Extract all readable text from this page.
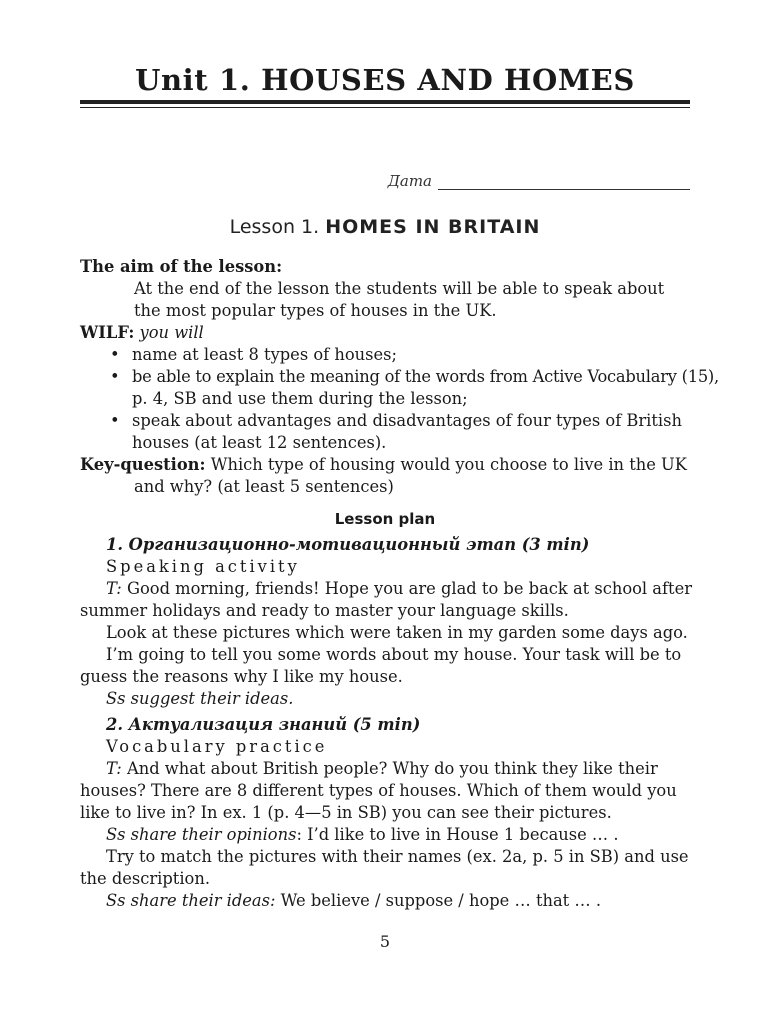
Unit 1. HOUSES AND HOMES
Дата
Lesson 1. HOMES IN BRITAIN
The aim of the lesson:
At the end of the lesson the students will be able to speak about
the most popular types of houses in the UK.
WILF: you will
• name at least 8 types of houses;
• be able to explain the meaning of the words from Active Vocabulary (15),
p. 4, SB and use them during the lesson;
• speak about advantages and disadvantages of four types of British
houses (at least 12 sentences).
Key-question: Which type of housing would you choose to live in the UK
and why? (at least 5 sentences)
Lesson plan
1. Организационно-мотивационный этап (3 min)
Speaking activity
T: Good morning, friends! Hope you are glad to be back at school after
summer holidays and ready to master your language skills.
Look at these pictures which were taken in my garden some days ago.
I’m going to tell you some words about my house. Your task will be to
guess the reasons why I like my house.
Ss suggest their ideas.
2. Актуализация знаний (5 min)
Vocabulary practice
T: And what about British people? Why do you think they like their
houses? There are 8 different types of houses. Which of them would you
like to live in? In ex. 1 (p. 4—5 in SB) you can see their pictures.
Ss share their opinions: I’d like to live in House 1 because … .
Try to match the pictures with their names (ex. 2a, p. 5 in SB) and use
the description.
Ss share their ideas: We believe / suppose / hope … that … .
5
